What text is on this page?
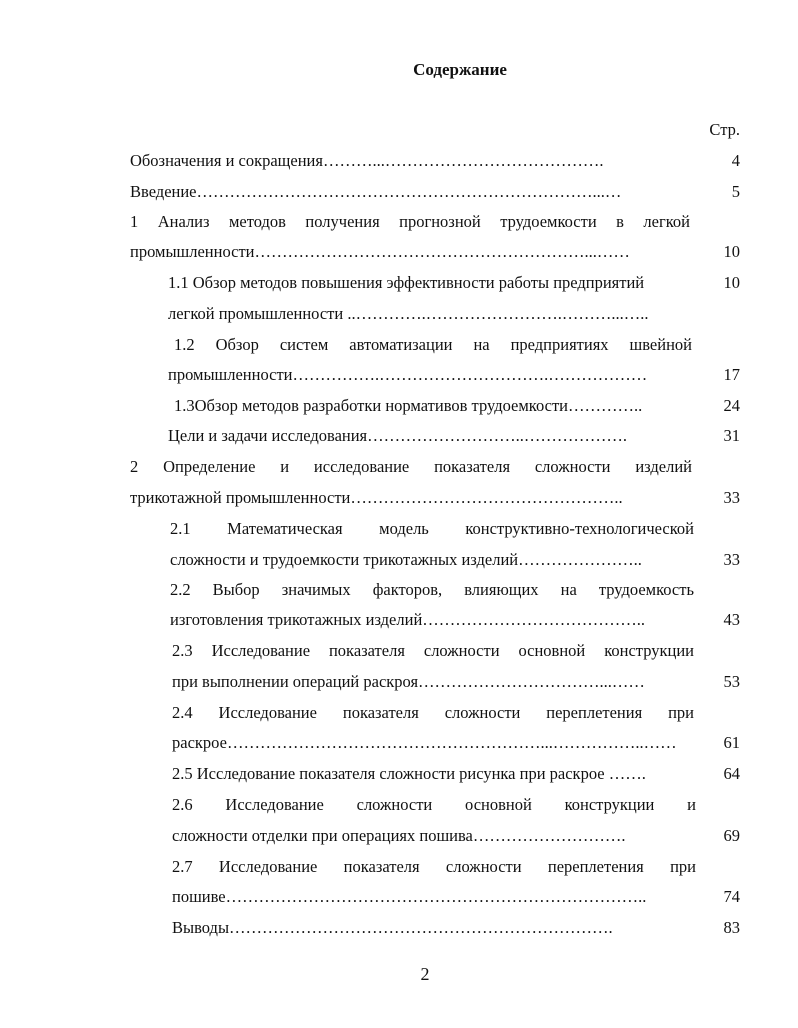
Содержание
Стр.
Обозначения и сокращения………...………………………………….	4
Введение………………………………………………………………...…	5
1 Анализ методов получения прогнозной трудоемкости в легкой
промышленности……………………………………………………...……	10
1.1 Обзор методов повышения эффективности работы предприятий	10
легкой промышленности ..………….…………………….………...…..
1.2 Обзор систем автоматизации на предприятиях швейной
промышленности…………….………………………….………………	17
1.3Обзор методов разработки нормативов трудоемкости…………..	24
Цели и задачи исследования………………………..……………….	31
2 Определение и исследование показателя сложности изделий
трикотажной промышленности…………………………………………..	33
2.1 Математическая модель конструктивно-технологической
сложности и трудоемкости трикотажных изделий…………………..	33
2.2 Выбор значимых факторов, влияющих на трудоемкость
изготовления трикотажных изделий…………………………………..	43
2.3 Исследование показателя сложности основной конструкции
при выполнении операций раскроя……………………………...……	53
2.4 Исследование показателя сложности переплетения при
раскрое…………………………………………………...……………..……	61
2.5 Исследование показателя сложности рисунка при раскрое …….	64
2.6 Исследование сложности основной конструкции и
сложности отделки при операциях пошива……………………….	69
2.7 Исследование показателя сложности переплетения при
пошиве…………………………………………………………………..	74
Выводы…………………………………………………………….	83
2
